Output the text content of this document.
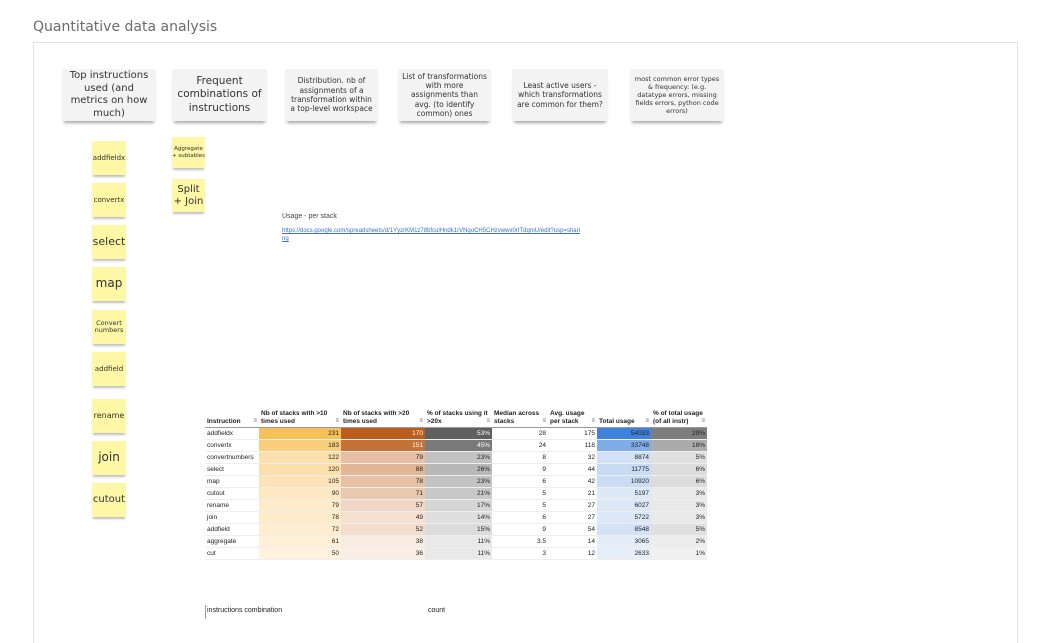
Quantitative data analysis
Top instructions used (and metrics on how much)
Frequent combinations of instructions
Distribution. nb of assignments of a transformation within a top-level workspace
List of transformations with more assignments than avg. (to identify common) ones
Least active users - which transformations are common for them?
most common error types & frequency: (e.g. datatype errors, missing fields errors, python code errors)
addfieldx
convertx
select
map
Convert numbers
addfield
rename
join
cutout
Aggregate + subtables
Split + Join
Usage - per stack
https://docs.google.com/spreadsheets/d/1YyzrKM1z78bfculHndk1rVNqoCH5CHzvwwx0rITdqmU/edit?usp=sharing
Instruction ≡	Nb of stacks with >10 times used ≡	Nb of stacks with >20 times used ≡	% of stacks using it >20x ≡	Median across stacks ≡	Avg. usage per stack ≡	Total usage ≡	% of total usage (of all instr) ≡

addfieldx	231	170	53%	28	175	54033	29%
convertx	183	151	45%	24	118	33748	18%
convertnumbers	122	79	23%	8	32	8874	5%
select	120	88	26%	9	44	11775	6%
map	105	78	23%	6	42	10920	6%
cutout	90	71	21%	5	21	5197	3%
rename	79	57	17%	5	27	6027	3%
join	78	49	14%	6	27	5722	3%
addfield	72	52	15%	9	54	8548	5%
aggregate	61	38	11%	3.5	14	3065	2%
cut	50	36	11%	3	12	2633	1%
instructions combination	count
